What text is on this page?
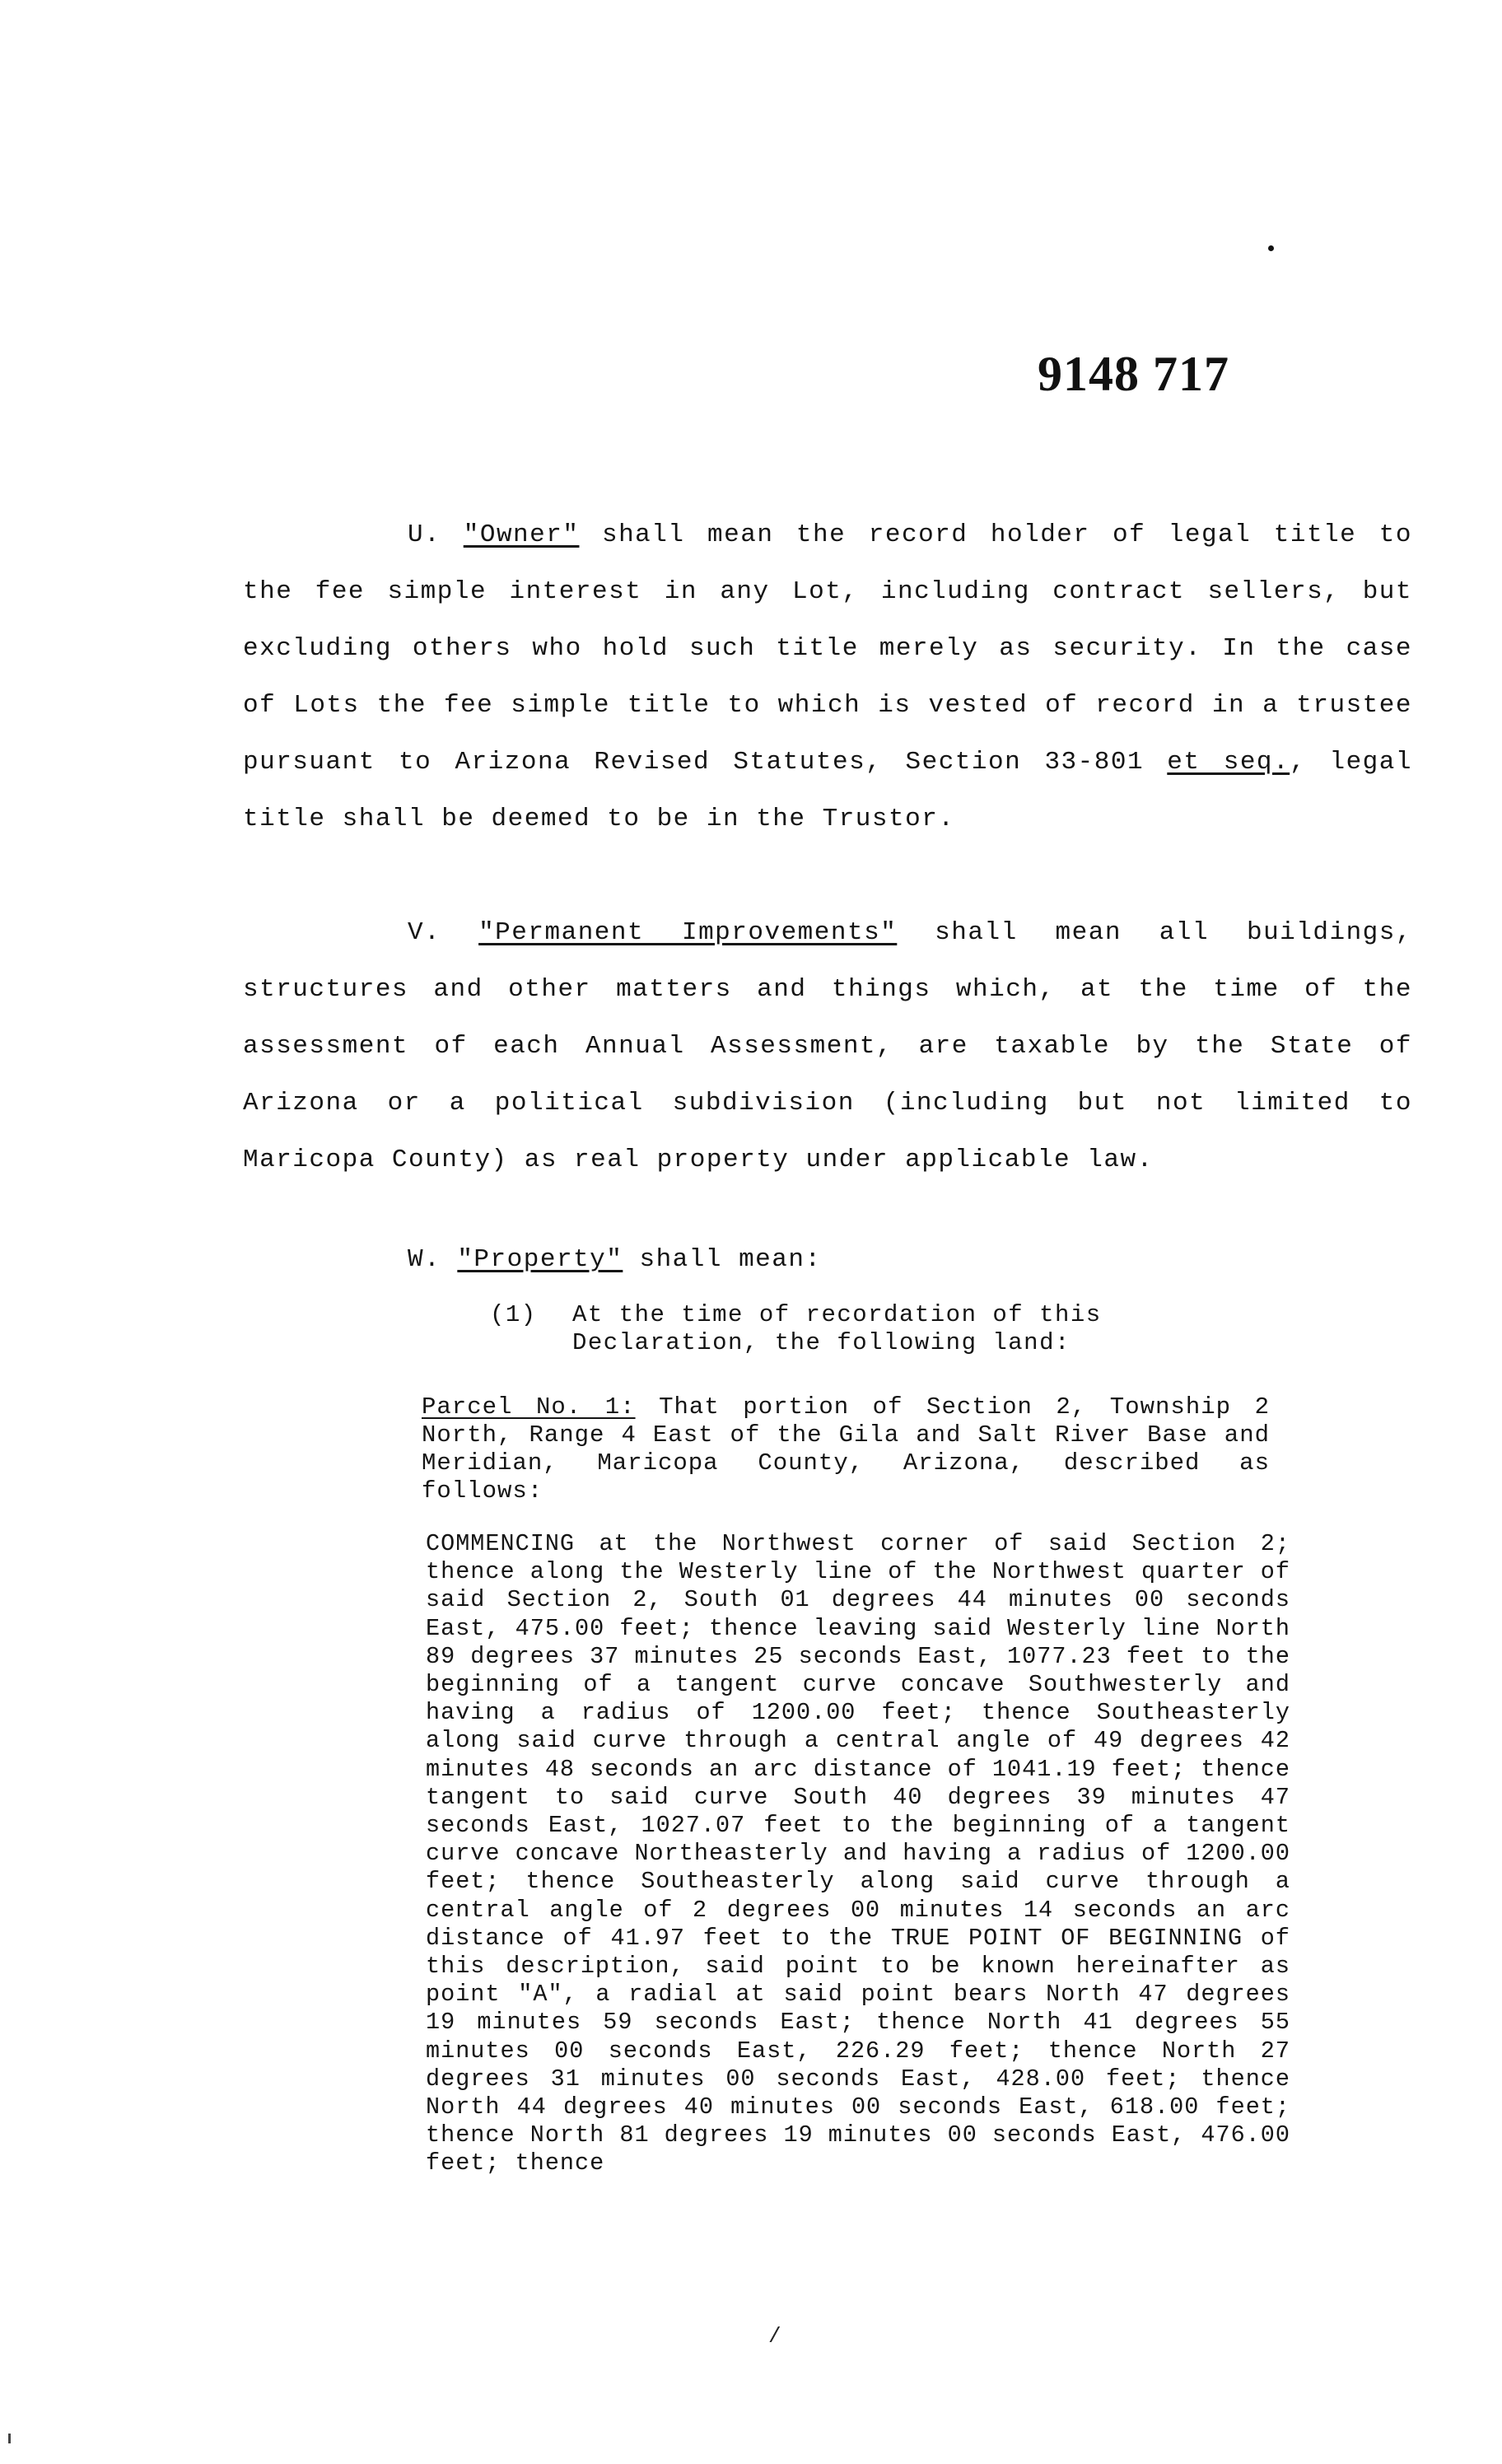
9148 717

U. "Owner" shall mean the record holder of legal title to the fee simple interest in any Lot, including contract sellers, but excluding others who hold such title merely as security. In the case of Lots the fee simple title to which is vested of record in a trustee pursuant to Arizona Revised Statutes, Section 33-801 et seq., legal title shall be deemed to be in the Trustor.

V. "Permanent Improvements" shall mean all buildings, structures and other matters and things which, at the time of the assessment of each Annual Assessment, are taxable by the State of Arizona or a political subdivision (including but not limited to Maricopa County) as real property under applicable law.

W. "Property" shall mean:
(1) At the time of recordation of this
Declaration, the following land:
Parcel No. 1: That portion of Section 2, Township 2 North, Range 4 East of the Gila and Salt River Base and Meridian, Maricopa County, Arizona, described as follows:
COMMENCING at the Northwest corner of said Section 2; thence along the Westerly line of the Northwest quarter of said Section 2, South 01 degrees 44 minutes 00 seconds East, 475.00 feet; thence leaving said Westerly line North 89 degrees 37 minutes 25 seconds East, 1077.23 feet to the beginning of a tangent curve concave Southwesterly and having a radius of 1200.00 feet; thence Southeasterly along said curve through a central angle of 49 degrees 42 minutes 48 seconds an arc distance of 1041.19 feet; thence tangent to said curve South 40 degrees 39 minutes 47 seconds East, 1027.07 feet to the beginning of a tangent curve concave Northeasterly and having a radius of 1200.00 feet; thence Southeasterly along said curve through a central angle of 2 degrees 00 minutes 14 seconds an arc distance of 41.97 feet to the TRUE POINT OF BEGINNING of this description, said point to be known hereinafter as point "A", a radial at said point bears North 47 degrees 19 minutes 59 seconds East; thence North 41 degrees 55 minutes 00 seconds East, 226.29 feet; thence North 27 degrees 31 minutes 00 seconds East, 428.00 feet; thence North 44 degrees 40 minutes 00 seconds East, 618.00 feet; thence North 81 degrees 19 minutes 00 seconds East, 476.00 feet; thence
/
